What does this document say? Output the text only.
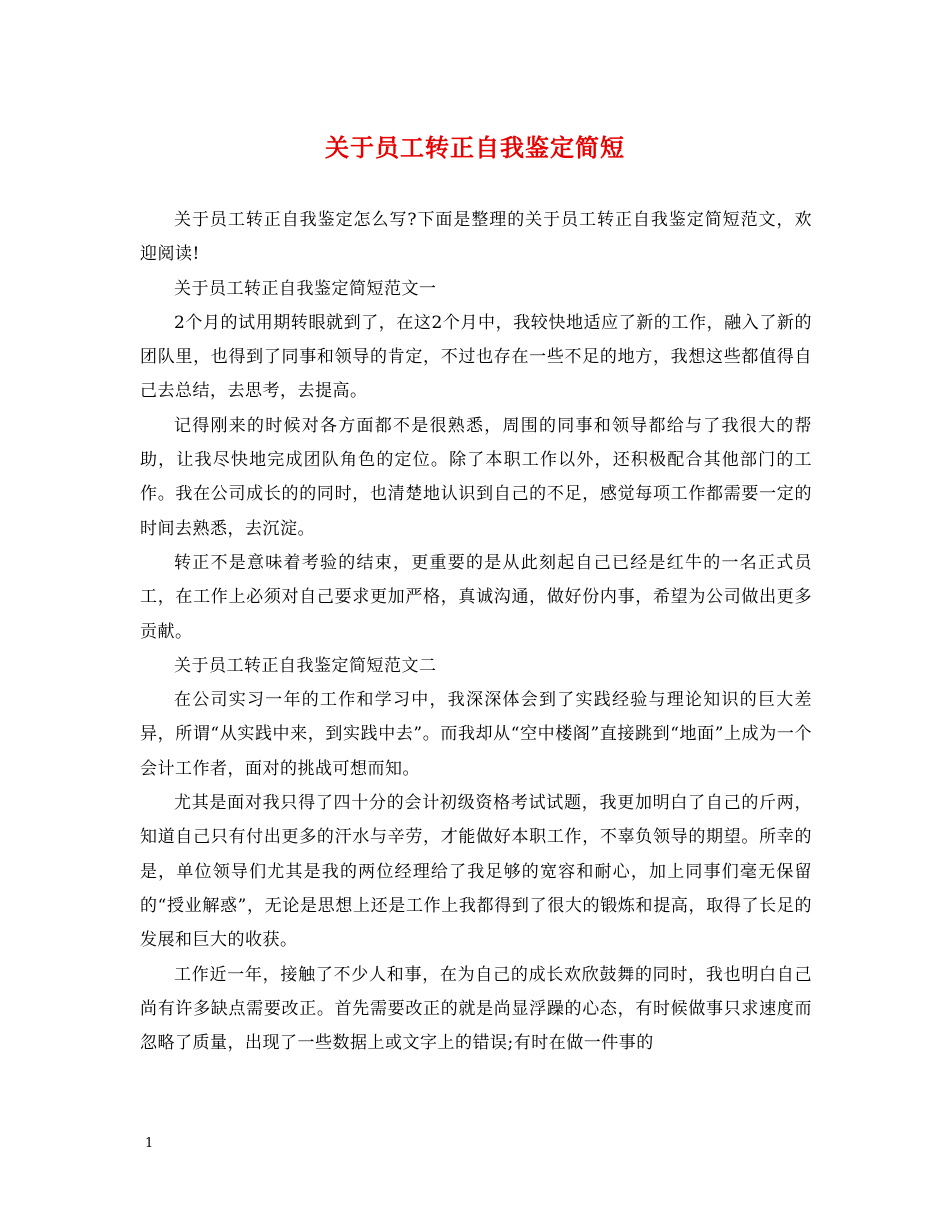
关于员工转正自我鉴定简短

关于员工转正自我鉴定怎么写?下面是整理的关于员工转正自我鉴定简短范文，欢迎阅读!

关于员工转正自我鉴定简短范文一

2个月的试用期转眼就到了，在这2个月中，我较快地适应了新的工作，融入了新的团队里，也得到了同事和领导的肯定，不过也存在一些不足的地方，我想这些都值得自己去总结，去思考，去提高。

记得刚来的时候对各方面都不是很熟悉，周围的同事和领导都给与了我很大的帮助，让我尽快地完成团队角色的定位。除了本职工作以外，还积极配合其他部门的工作。我在公司成长的的同时，也清楚地认识到自己的不足，感觉每项工作都需要一定的时间去熟悉，去沉淀。

转正不是意味着考验的结束，更重要的是从此刻起自己已经是红牛的一名正式员工，在工作上必须对自己要求更加严格，真诚沟通，做好份内事，希望为公司做出更多贡献。

关于员工转正自我鉴定简短范文二

在公司实习一年的工作和学习中，我深深体会到了实践经验与理论知识的巨大差异，所谓“从实践中来，到实践中去”。而我却从“空中楼阁”直接跳到“地面”上成为一个会计工作者，面对的挑战可想而知。

尤其是面对我只得了四十分的会计初级资格考试试题，我更加明白了自己的斤两，知道自己只有付出更多的汗水与辛劳，才能做好本职工作，不辜负领导的期望。所幸的是，单位领导们尤其是我的两位经理给了我足够的宽容和耐心，加上同事们毫无保留的“授业解惑”，无论是思想上还是工作上我都得到了很大的锻炼和提高，取得了长足的发展和巨大的收获。

工作近一年，接触了不少人和事，在为自己的成长欢欣鼓舞的同时，我也明白自己尚有许多缺点需要改正。首先需要改正的就是尚显浮躁的心态，有时候做事只求速度而忽略了质量，出现了一些数据上或文字上的错误;有时在做一件事的

1
